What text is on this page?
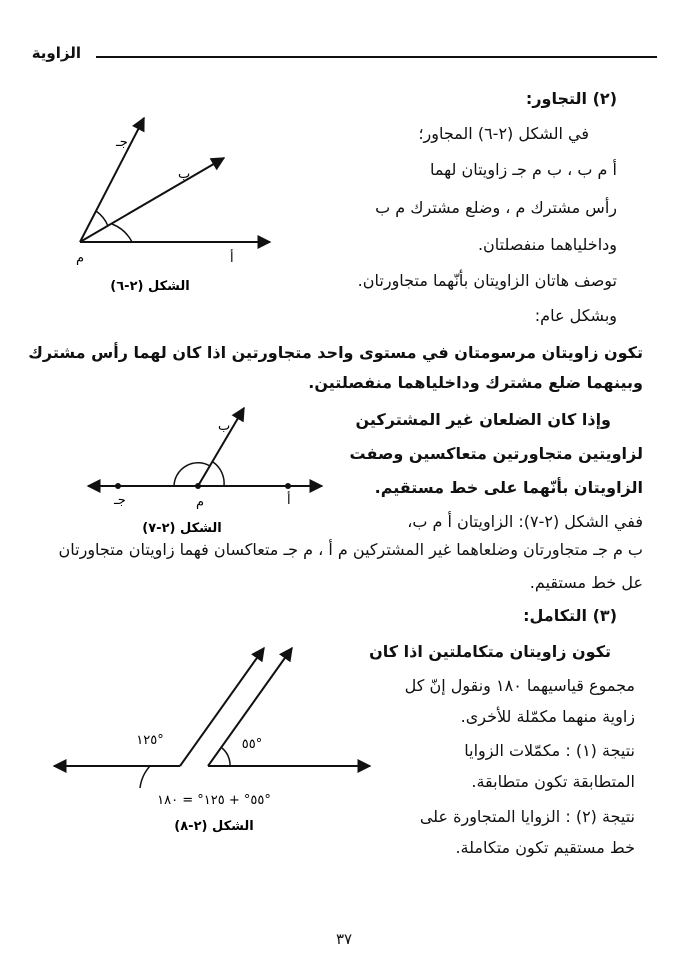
الزاوية
(٢) التجاور:
في الشكل (٢-٦) المجاور؛
أ م ب ، ب م جـ زاويتان لهما
رأس مشترك م ، وضلع مشترك م ب
وداخلياهما منفصلتان.
توصف هاتان الزاويتان بأنّهما متجاورتان.
وبشكل عام:
تكون زاويتان مرسومتان في مستوى واحد متجاورتين اذا كان لهما رأس مشترك
وبينهما ضلع مشترك وداخلياهما منفصلتين.
وإذا كان الضلعان غير المشتركين
لزاويتين متجاورتين متعاكسين وصفت
الزاويتان بأنّهما على خط مستقيم.
ففي الشكل (٢-٧): الزاويتان أ م ب،
ب م جـ متجاورتان وضلعاهما غير المشتركين م أ ، م جـ متعاكسان فهما زاويتان متجاورتان
عل خط مستقيم.
(٣) التكامل:
تكون زاويتان متكاملتين اذا كان
مجموع قياسيهما ١٨٠ ونقول إنّ كل
زاوية منهما مكمّلة للأخرى.
نتيجة (١) : مكمّلات الزوايا
المتطابقة تكون متطابقة.
نتيجة (٢) : الزوايا المتجاورة على
خط مستقيم تكون متكاملة.
م	أ
ب
جـ
الشكل (٢-٦)
م	أ
ب
جـ
الشكل (٢-٧)
١٢٥°	٥٥°
٥٥° + ١٢٥° = ١٨٠°
الشكل (٢-٨)
٣٧
